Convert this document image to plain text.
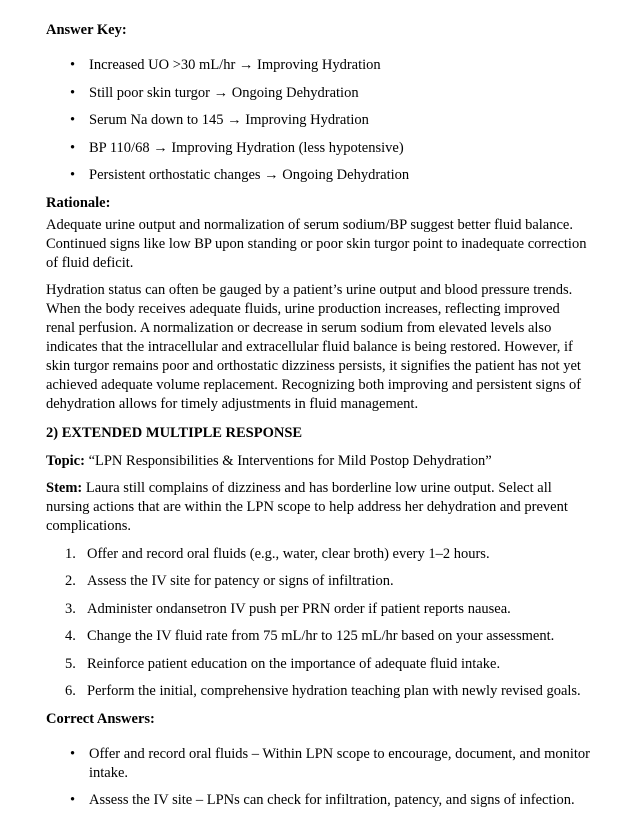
Answer Key:

• Increased UO >30 mL/hr → Improving Hydration
• Still poor skin turgor → Ongoing Dehydration
• Serum Na down to 145 → Improving Hydration
• BP 110/68 → Improving Hydration (less hypotensive)
• Persistent orthostatic changes → Ongoing Dehydration

Rationale:

Adequate urine output and normalization of serum sodium/BP suggest better fluid balance. Continued signs like low BP upon standing or poor skin turgor point to inadequate correction of fluid deficit.

Hydration status can often be gauged by a patient’s urine output and blood pressure trends. When the body receives adequate fluids, urine production increases, reflecting improved renal perfusion. A normalization or decrease in serum sodium from elevated levels also indicates that the intracellular and extracellular fluid balance is being restored. However, if skin turgor remains poor and orthostatic dizziness persists, it signifies the patient has not yet achieved adequate volume replacement. Recognizing both improving and persistent signs of dehydration allows for timely adjustments in fluid management.

2) EXTENDED MULTIPLE RESPONSE

Topic: “LPN Responsibilities & Interventions for Mild Postop Dehydration”

Stem: Laura still complains of dizziness and has borderline low urine output. Select all nursing actions that are within the LPN scope to help address her dehydration and prevent complications.

1. Offer and record oral fluids (e.g., water, clear broth) every 1–2 hours.
2. Assess the IV site for patency or signs of infiltration.
3. Administer ondansetron IV push per PRN order if patient reports nausea.
4. Change the IV fluid rate from 75 mL/hr to 125 mL/hr based on your assessment.
5. Reinforce patient education on the importance of adequate fluid intake.
6. Perform the initial, comprehensive hydration teaching plan with newly revised goals.

Correct Answers:

• Offer and record oral fluids – Within LPN scope to encourage, document, and monitor intake.
• Assess the IV site – LPNs can check for infiltration, patency, and signs of infection.
